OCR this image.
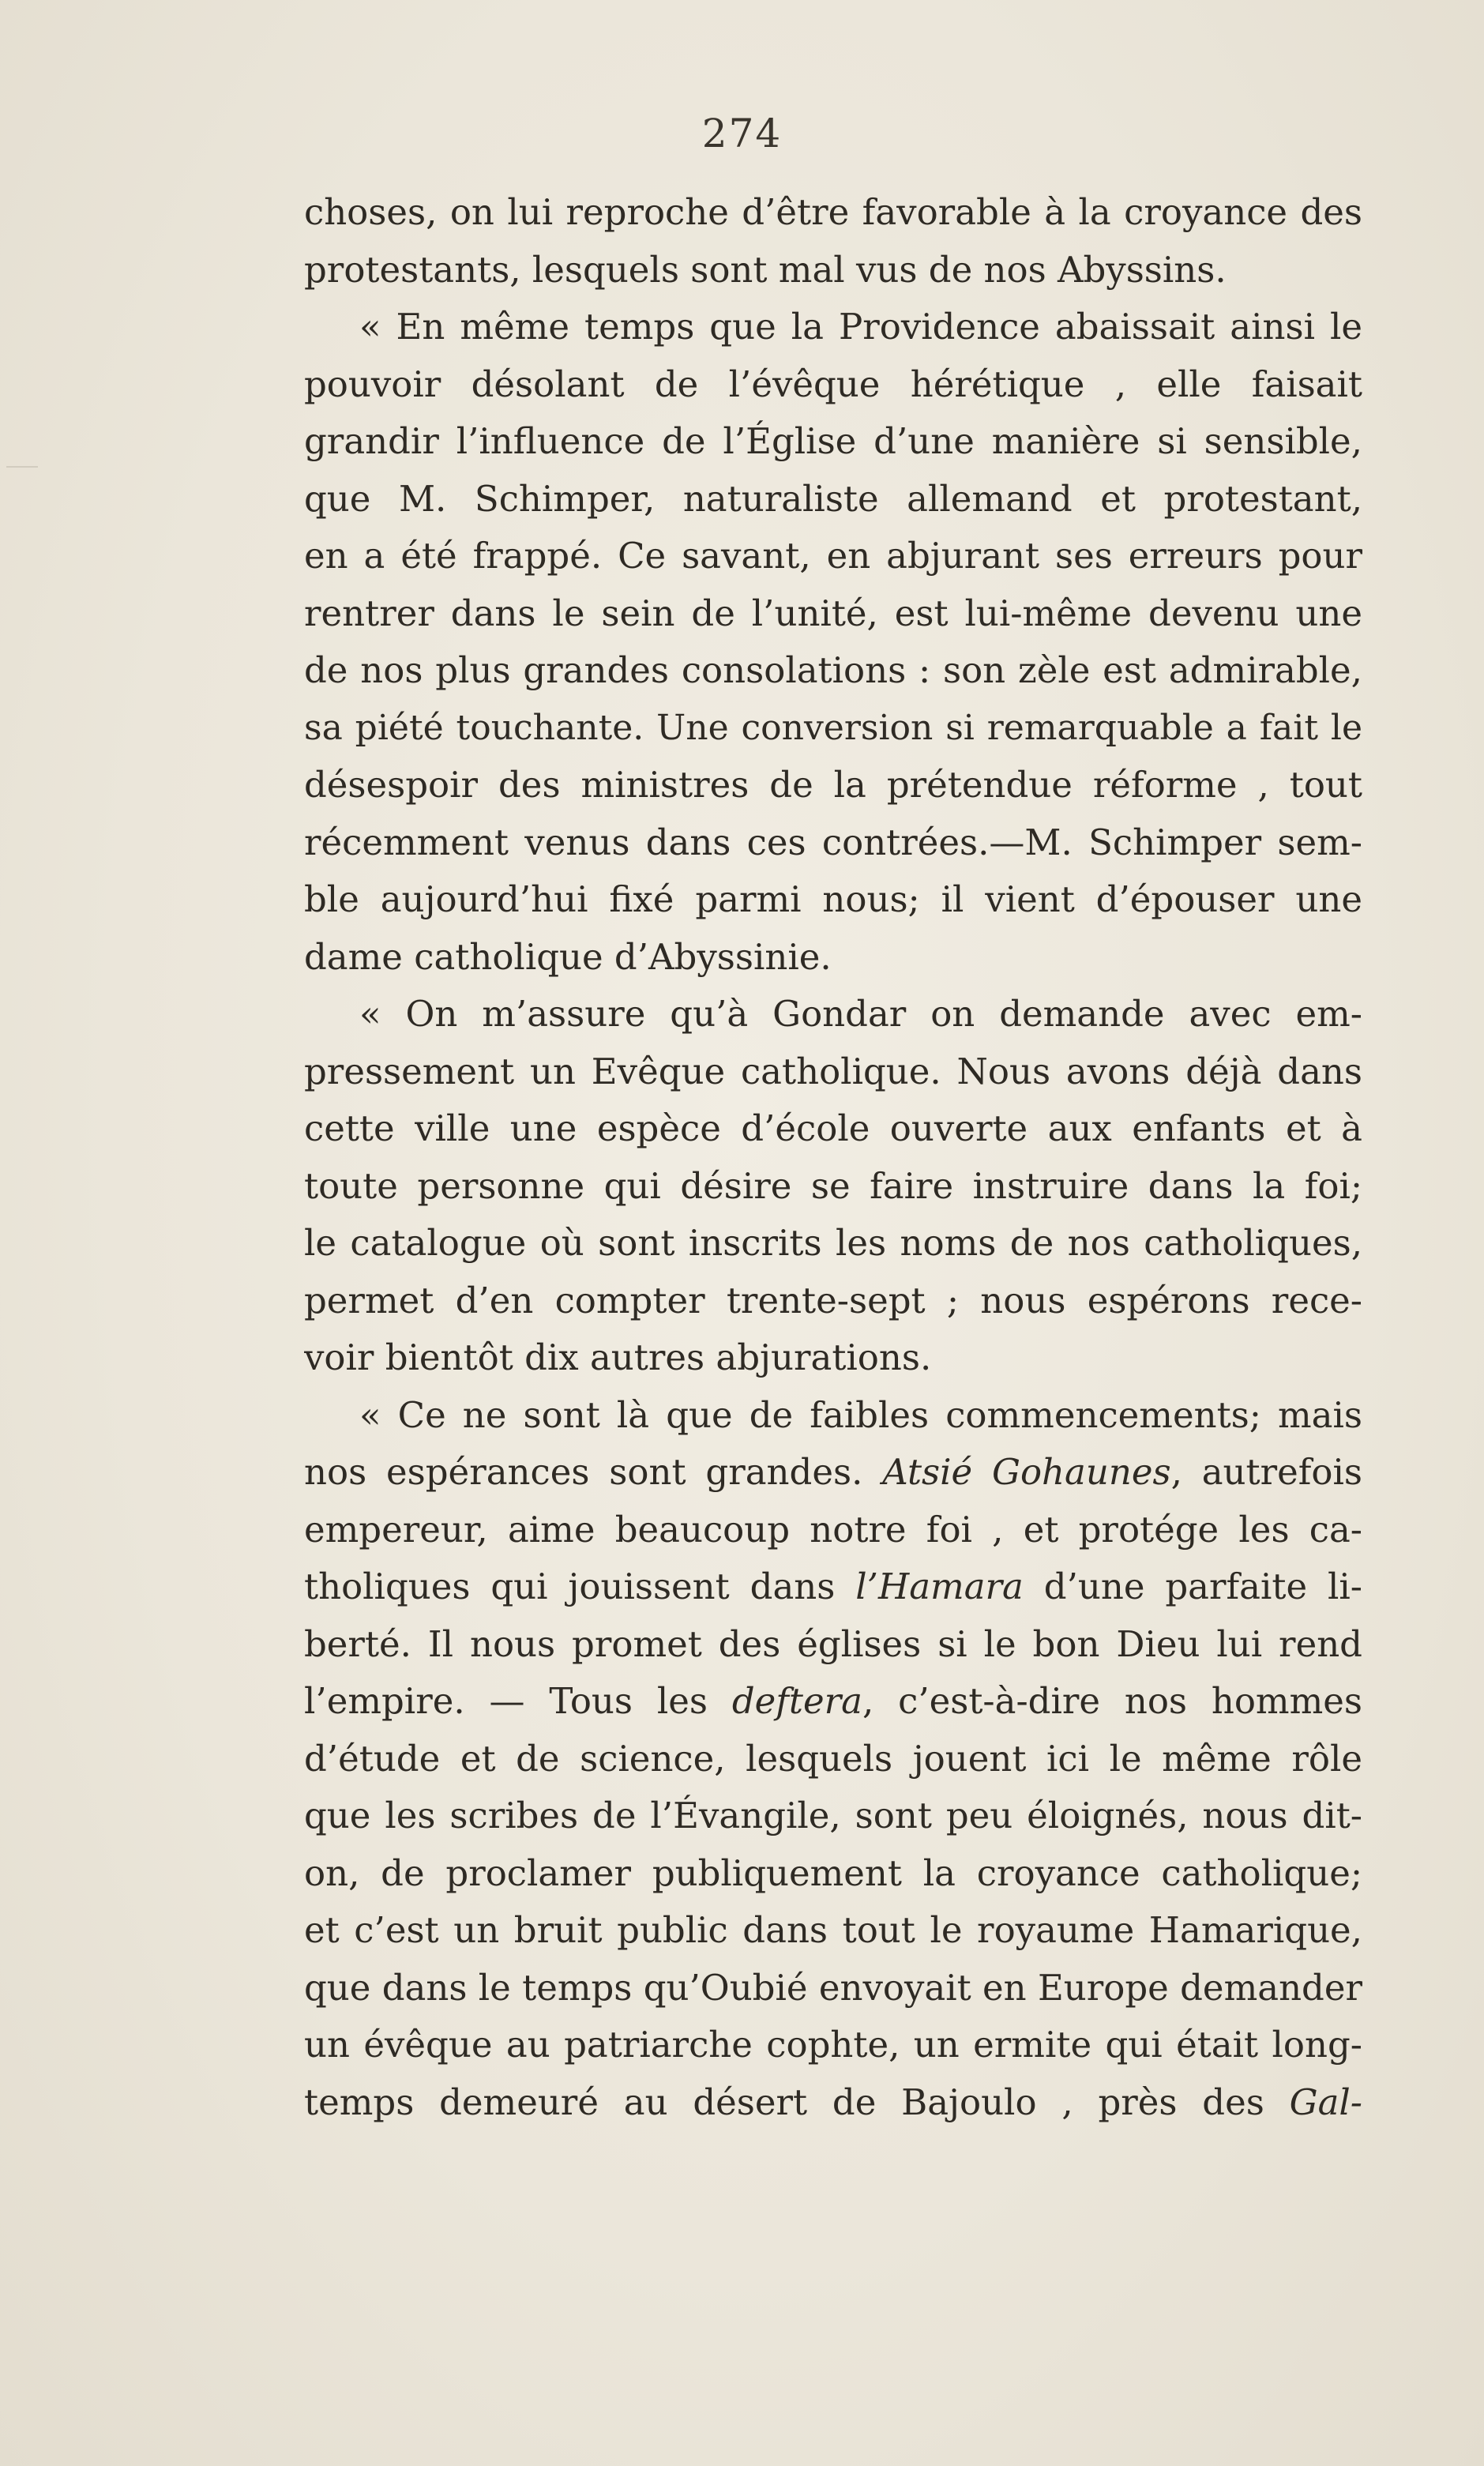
274
choses, on lui reproche d’être favorable à la croyance des
protestants, lesquels sont mal vus de nos Abyssins.
« En même temps que la Providence abaissait ainsi le
pouvoir désolant de l’évêque hérétique , elle faisait
grandir l’influence de l’Église d’une manière si sensible,
que M. Schimper, naturaliste allemand et protestant,
en a été frappé. Ce savant, en abjurant ses erreurs pour
rentrer dans le sein de l’unité, est lui-même devenu une
de nos plus grandes consolations : son zèle est admirable,
sa piété touchante. Une conversion si remarquable a fait le
désespoir des ministres de la prétendue réforme , tout
récemment venus dans ces contrées.—M. Schimper sem-
ble aujourd’hui fixé parmi nous; il vient d’épouser une
dame catholique d’Abyssinie.
« On m’assure qu’à Gondar on demande avec em-
pressement un Evêque catholique. Nous avons déjà dans
cette ville une espèce d’école ouverte aux enfants et à
toute personne qui désire se faire instruire dans la foi;
le catalogue où sont inscrits les noms de nos catholiques,
permet d’en compter trente-sept ; nous espérons rece-
voir bientôt dix autres abjurations.
« Ce ne sont là que de faibles commencements; mais
nos espérances sont grandes. Atsié Gohaunes, autrefois
empereur, aime beaucoup notre foi , et protége les ca-
tholiques qui jouissent dans l’Hamara d’une parfaite li-
berté. Il nous promet des églises si le bon Dieu lui rend
l’empire. — Tous les deftera, c’est-à-dire nos hommes
d’étude et de science, lesquels jouent ici le même rôle
que les scribes de l’Évangile, sont peu éloignés, nous dit-
on, de proclamer publiquement la croyance catholique;
et c’est un bruit public dans tout le royaume Hamarique,
que dans le temps qu’Oubié envoyait en Europe demander
un évêque au patriarche cophte, un ermite qui était long-
temps demeuré au désert de Bajoulo , près des Gal-
